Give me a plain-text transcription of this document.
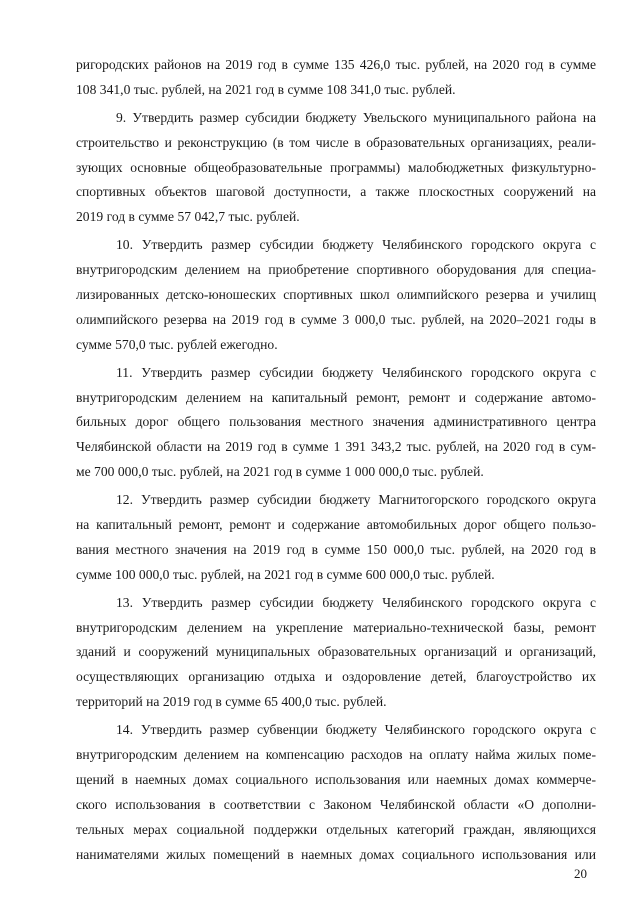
ригородских районов на 2019 год в сумме 135 426,0 тыс. рублей, на 2020 год в сумме
108 341,0 тыс. рублей, на 2021 год в сумме 108 341,0 тыс. рублей.
9. Утвердить размер субсидии бюджету Увельского муниципального района на
строительство и реконструкцию (в том числе в образовательных организациях, реали-
зующих основные общеобразовательные программы) малобюджетных физкультурно-
спортивных объектов шаговой доступности, а также плоскостных сооружений на
2019 год в сумме 57 042,7 тыс. рублей.
10. Утвердить размер субсидии бюджету Челябинского городского округа с
внутригородским делением на приобретение спортивного оборудования для специа-
лизированных детско-юношеских спортивных школ олимпийского резерва и училищ
олимпийского резерва на 2019 год в сумме 3 000,0 тыс. рублей, на 2020–2021 годы в
сумме 570,0 тыс. рублей ежегодно.
11. Утвердить размер субсидии бюджету Челябинского городского округа с
внутригородским делением на капитальный ремонт, ремонт и содержание автомо-
бильных дорог общего пользования местного значения административного центра
Челябинской области на 2019 год в сумме 1 391 343,2 тыс. рублей, на 2020 год в сум-
ме 700 000,0 тыс. рублей, на 2021 год в сумме 1 000 000,0 тыс. рублей.
12. Утвердить размер субсидии бюджету Магнитогорского городского округа
на капитальный ремонт, ремонт и содержание автомобильных дорог общего пользо-
вания местного значения на 2019 год в сумме 150 000,0 тыс. рублей, на 2020 год в
сумме 100 000,0 тыс. рублей, на 2021 год в сумме 600 000,0 тыс. рублей.
13. Утвердить размер субсидии бюджету Челябинского городского округа с
внутригородским делением на укрепление материально-технической базы, ремонт
зданий и сооружений муниципальных образовательных организаций и организаций,
осуществляющих организацию отдыха и оздоровление детей, благоустройство их
территорий на 2019 год в сумме 65 400,0 тыс. рублей.
14. Утвердить размер субвенции бюджету Челябинского городского округа с
внутригородским делением на компенсацию расходов на оплату найма жилых поме-
щений в наемных домах социального использования или наемных домах коммерче-
ского использования в соответствии с Законом Челябинской области «О дополни-
тельных мерах социальной поддержки отдельных категорий граждан, являющихся
нанимателями жилых помещений в наемных домах социального использования или
20
